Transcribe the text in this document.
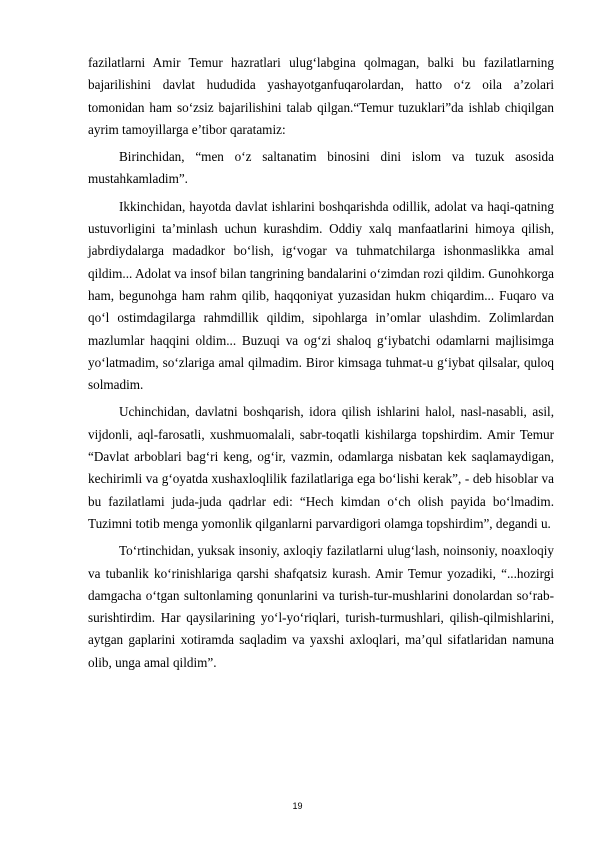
fazilatlarni Amir Temur hazratlari ulug‘labgina qolmagan, balki bu fazilatlarning bajarilishini davlat hududida yashayotganfuqarolardan, hatto o‘z oila a’zolari tomonidan ham so‘zsiz bajarilishini talab qilgan.“Temur tuzuklari”da ishlab chiqilgan ayrim tamoyillarga e’tibor qaratamiz:

Birinchidan, “men o‘z saltanatim binosini dini islom va tuzuk asosida mustahkamladim”.

Ikkinchidan, hayotda davlat ishlarini boshqarishda odillik, adolat va haqi-qatning ustuvorligini ta’minlash uchun kurashdim. Oddiy xalq manfaatlarini himoya qilish, jabrdiydalarga madadkor bo‘lish, ig‘vogar va tuhmatchilarga ishonmaslikka amal qildim... Adolat va insof bilan tangrining bandalarini o‘zimdan rozi qildim. Gunohkorga ham, begunohga ham rahm qilib, haqqoniyat yuzasidan hukm chiqardim... Fuqaro va qo‘l ostimdagilarga rahmdillik qildim, sipohlarga in’omlar ulashdim. Zolimlardan mazlumlar haqqini oldim... Buzuqi va og‘zi shaloq g‘iybatchi odamlarni majlisimga yo‘latmadim, so‘zlariga amal qilmadim. Biror kimsaga tuhmat-u g‘iybat qilsalar, quloq solmadim.

Uchinchidan, davlatni boshqarish, idora qilish ishlarini halol, nasl-nasabli, asil, vijdonli, aql-farosatli, xushmuomalali, sabr-toqatli kishilarga topshirdim. Amir Temur “Davlat arboblari bag‘ri keng, og‘ir, vazmin, odamlarga nisbatan kek saqlamaydigan, kechirimli va g‘oyatda xushaxloqlilik fazilatlariga ega bo‘lishi kerak”, - deb hisoblar va bu fazilatlami juda-juda qadrlar edi: “Hech kimdan o‘ch olish payida bo‘lmadim. Tuzimni totib menga yomonlik qilganlarni parvardigori olamga topshirdim”, degandi u.

To‘rtinchidan, yuksak insoniy, axloqiy fazilatlarni ulug‘lash, noinsoniy, noaxloqiy va tubanlik ko‘rinishlariga qarshi shafqatsiz kurash. Amir Temur yozadiki, “...hozirgi damgacha o‘tgan sultonlaming qonunlarini va turish-tur-mushlarini donolardan so‘rab-surishtirdim. Har qaysilarining yo‘l-yo‘riqlari, turish-turmushlari, qilish-qilmishlarini, aytgan gaplarini xotiramda saqladim va yaxshi axloqlari, ma’qul sifatlaridan namuna olib, unga amal qildim”.

19
